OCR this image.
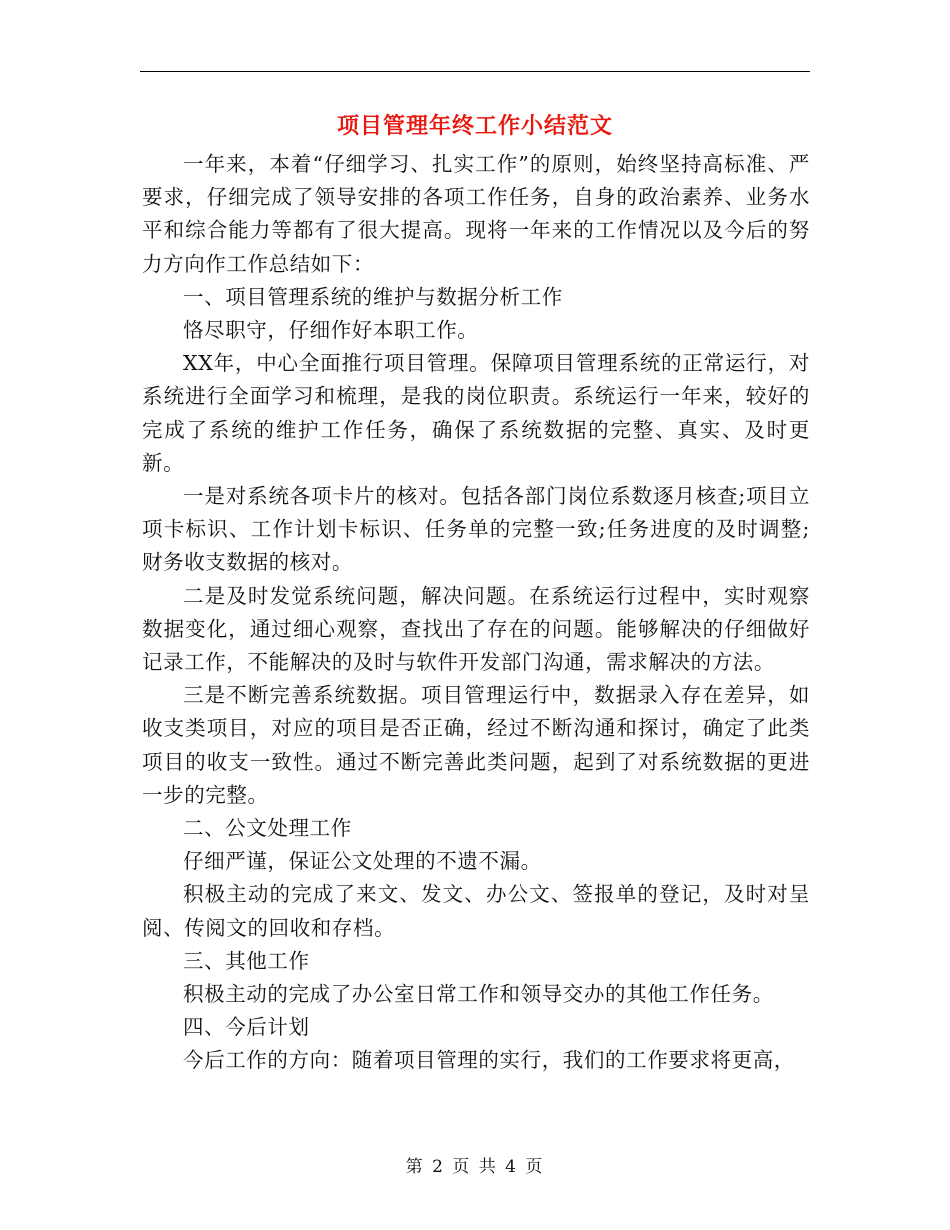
项目管理年终工作小结范文

一年来，本着“仔细学习、扎实工作”的原则，始终坚持高标准、严要求，仔细完成了领导安排的各项工作任务，自身的政治素养、业务水平和综合能力等都有了很大提高。现将一年来的工作情况以及今后的努力方向作工作总结如下：

一、项目管理系统的维护与数据分析工作

恪尽职守，仔细作好本职工作。

XX年，中心全面推行项目管理。保障项目管理系统的正常运行，对系统进行全面学习和梳理，是我的岗位职责。系统运行一年来，较好的完成了系统的维护工作任务，确保了系统数据的完整、真实、及时更新。

一是对系统各项卡片的核对。包括各部门岗位系数逐月核查;项目立项卡标识、工作计划卡标识、任务单的完整一致;任务进度的及时调整;财务收支数据的核对。

二是及时发觉系统问题，解决问题。在系统运行过程中，实时观察数据变化，通过细心观察，查找出了存在的问题。能够解决的仔细做好记录工作，不能解决的及时与软件开发部门沟通，需求解决的方法。

三是不断完善系统数据。项目管理运行中，数据录入存在差异，如收支类项目，对应的项目是否正确，经过不断沟通和探讨，确定了此类项目的收支一致性。通过不断完善此类问题，起到了对系统数据的更进一步的完整。

二、公文处理工作

仔细严谨，保证公文处理的不遗不漏。

积极主动的完成了来文、发文、办公文、签报单的登记，及时对呈阅、传阅文的回收和存档。

三、其他工作

积极主动的完成了办公室日常工作和领导交办的其他工作任务。

四、今后计划

今后工作的方向：随着项目管理的实行，我们的工作要求将更高，

第 2 页 共 4 页
